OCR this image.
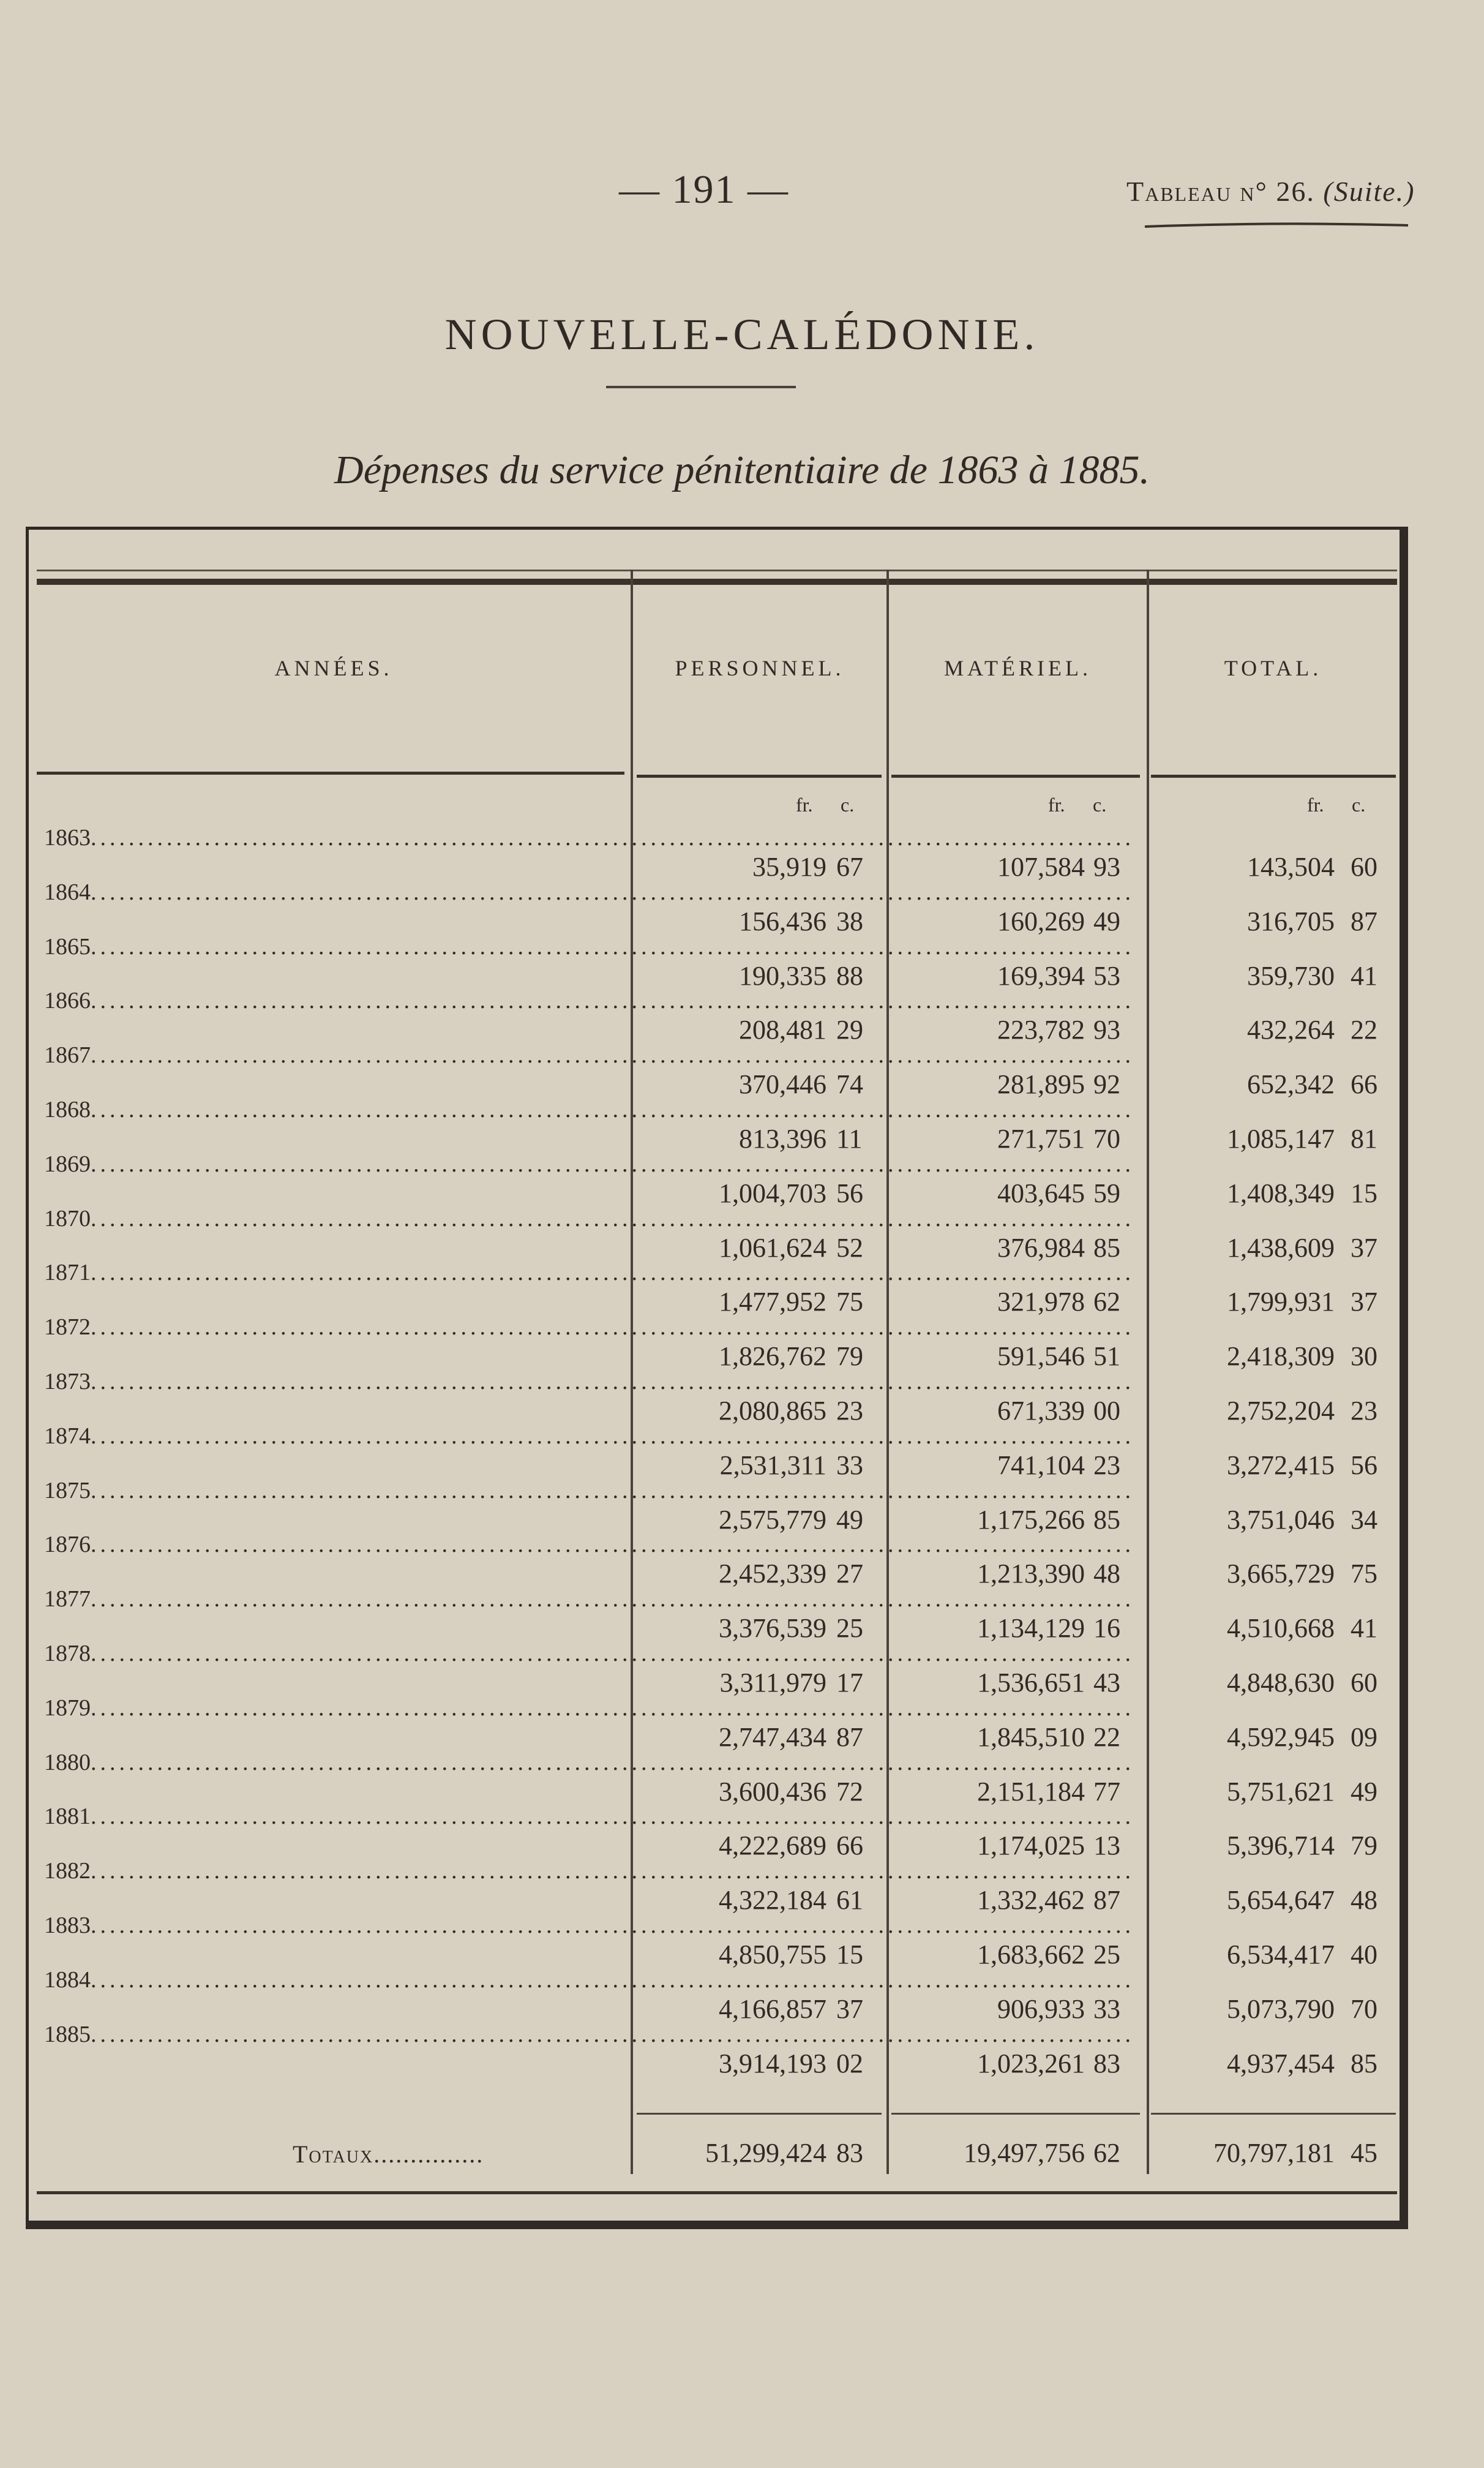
— 191 —	Tableau n° 26. (Suite.)
NOUVELLE-CALÉDONIE.
Dépenses du service pénitentiaire de 1863 à 1885.
ANNÉES.	PERSONNEL.	MATÉRIEL.	TOTAL.
fr. c.	fr. c.	fr. c.
1863..............................................................................................................
35,919 67	107,584 93	143,504 60
1864..............................................................................................................
156,436 38	160,269 49	316,705 87
1865..............................................................................................................
190,335 88	169,394 53	359,730 41
1866..............................................................................................................
208,481 29	223,782 93	432,264 22
1867..............................................................................................................
370,446 74	281,895 92	652,342 66
1868..............................................................................................................
813,396 11	271,751 70	1,085,147 81
1869..............................................................................................................
1,004,703 56	403,645 59	1,408,349 15
1870..............................................................................................................
1,061,624 52	376,984 85	1,438,609 37
1871..............................................................................................................
1,477,952 75	321,978 62	1,799,931 37
1872..............................................................................................................
1,826,762 79	591,546 51	2,418,309 30
1873..............................................................................................................
2,080,865 23	671,339 00	2,752,204 23
1874..............................................................................................................
2,531,311 33	741,104 23	3,272,415 56
1875..............................................................................................................
2,575,779 49	1,175,266 85	3,751,046 34
1876..............................................................................................................
2,452,339 27	1,213,390 48	3,665,729 75
1877..............................................................................................................
3,376,539 25	1,134,129 16	4,510,668 41
1878..............................................................................................................
3,311,979 17	1,536,651 43	4,848,630 60
1879..............................................................................................................
2,747,434 87	1,845,510 22	4,592,945 09
1880..............................................................................................................
3,600,436 72	2,151,184 77	5,751,621 49
1881..............................................................................................................
4,222,689 66	1,174,025 13	5,396,714 79
1882..............................................................................................................
4,322,184 61	1,332,462 87	5,654,647 48
1883..............................................................................................................
4,850,755 15	1,683,662 25	6,534,417 40
1884..............................................................................................................
4,166,857 37	906,933 33	5,073,790 70
1885..............................................................................................................
3,914,193 02	1,023,261 83	4,937,454 85
Totaux...............	51,299,424 83	19,497,756 62	70,797,181 45
